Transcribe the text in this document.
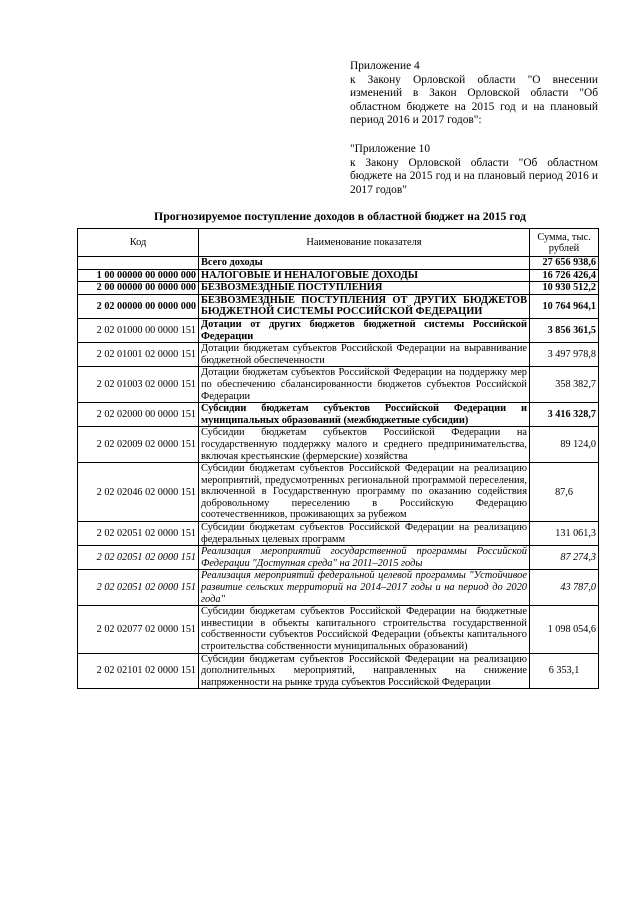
Приложение 4

к Закону Орловской области "О внесении изменений в Закон Орловской области "Об областном бюджете на 2015 год и на плановый период 2016 и 2017 годов":

"Приложение 10

к Закону Орловской области "Об областном бюджете на 2015 год и на плановый период 2016 и 2017 годов"

Прогнозируемое поступление доходов в областной бюджет на 2015 год
Код	Наименование показателя	Сумма, тыс. рублей
	Всего доходы	27 656 938,6
1 00 00000 00 0000 000	НАЛОГОВЫЕ И НЕНАЛОГОВЫЕ ДОХОДЫ	16 726 426,4
2 00 00000 00 0000 000	БЕЗВОЗМЕЗДНЫЕ ПОСТУПЛЕНИЯ	10 930 512,2
2 02 00000 00 0000 000	БЕЗВОЗМЕЗДНЫЕ ПОСТУПЛЕНИЯ ОТ ДРУГИХ БЮДЖЕТОВ БЮДЖЕТНОЙ СИСТЕМЫ РОССИЙСКОЙ ФЕДЕРАЦИИ	10 764 964,1
2 02 01000 00 0000 151	Дотации от других бюджетов бюджетной системы Российской Федерации	3 856 361,5
2 02 01001 02 0000 151	Дотации бюджетам субъектов Российской Федерации на выравнивание бюджетной обеспеченности	3 497 978,8
2 02 01003 02 0000 151	Дотации бюджетам субъектов Российской Федерации на поддержку мер по обеспечению сбалансированности бюджетов субъектов Российской Федерации	358 382,7
2 02 02000 00 0000 151	Субсидии бюджетам субъектов Российской Федерации и муниципальных образований (межбюджетные субсидии)	3 416 328,7
2 02 02009 02 0000 151	Субсидии бюджетам субъектов Российской Федерации на государственную поддержку малого и среднего предпринимательства, включая крестьянские (фермерские) хозяйства	89 124,0
2 02 02046 02 0000 151	Субсидии бюджетам субъектов Российской Федерации на реализацию мероприятий, предусмотренных региональной программой переселения, включенной в Государственную программу по оказанию содействия добровольному переселению в Российскую Федерацию соотечественников, проживающих за рубежом	87,6
2 02 02051 02 0000 151	Субсидии бюджетам субъектов Российской Федерации на реализацию федеральных целевых программ	131 061,3
2 02 02051 02 0000 151	Реализация мероприятий государственной программы Российской Федерации "Доступная среда" на 2011–2015 годы	87 274,3
2 02 02051 02 0000 151	Реализация мероприятий федеральной целевой программы "Устойчивое развитие сельских территорий на 2014–2017 годы и на период до 2020 года"	43 787,0
2 02 02077 02 0000 151	Субсидии бюджетам субъектов Российской Федерации на бюджетные инвестиции в объекты капитального строительства государственной собственности субъектов Российской Федерации (объекты капитального строительства собственности муниципальных образований)	1 098 054,6
2 02 02101 02 0000 151	Субсидии бюджетам субъектов Российской Федерации на реализацию дополнительных мероприятий, направленных на снижение напряженности на рынке труда субъектов Российской Федерации	6 353,1
